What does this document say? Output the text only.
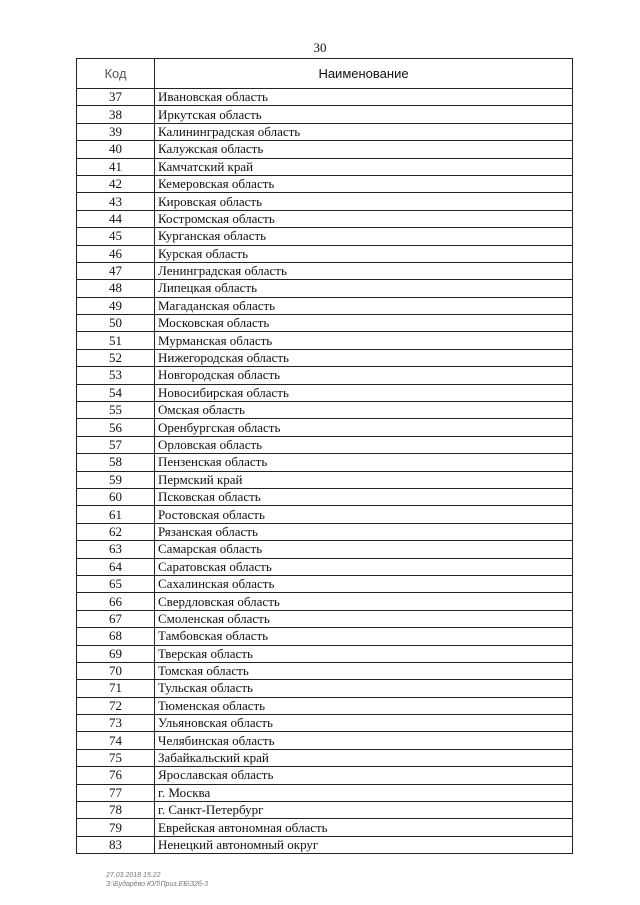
30
Код	Наименование
37	Ивановская область
38	Иркутская область
39	Калининградская область
40	Калужская область
41	Камчатский край
42	Кемеровская область
43	Кировская область
44	Костромская область
45	Курганская область
46	Курская область
47	Ленинградская область
48	Липецкая область
49	Магаданская область
50	Московская область
51	Мурманская область
52	Нижегородская область
53	Новгородская область
54	Новосибирская область
55	Омская область
56	Оренбургская область
57	Орловская область
58	Пензенская область
59	Пермский край
60	Псковская область
61	Ростовская область
62	Рязанская область
63	Самарская область
64	Саратовская область
65	Сахалинская область
66	Свердловская область
67	Смоленская область
68	Тамбовская область
69	Тверская область
70	Томская область
71	Тульская область
72	Тюменская область
73	Ульяновская область
74	Челябинская область
75	Забайкальский край
76	Ярославская область
77	г. Москва
78	г. Санкт-Петербург
79	Еврейская автономная область
83	Ненецкий автономный округ
27.03.2018 15:22
З:\Бударёво ЮЛ\Приз.ЕБ\З2б-3
